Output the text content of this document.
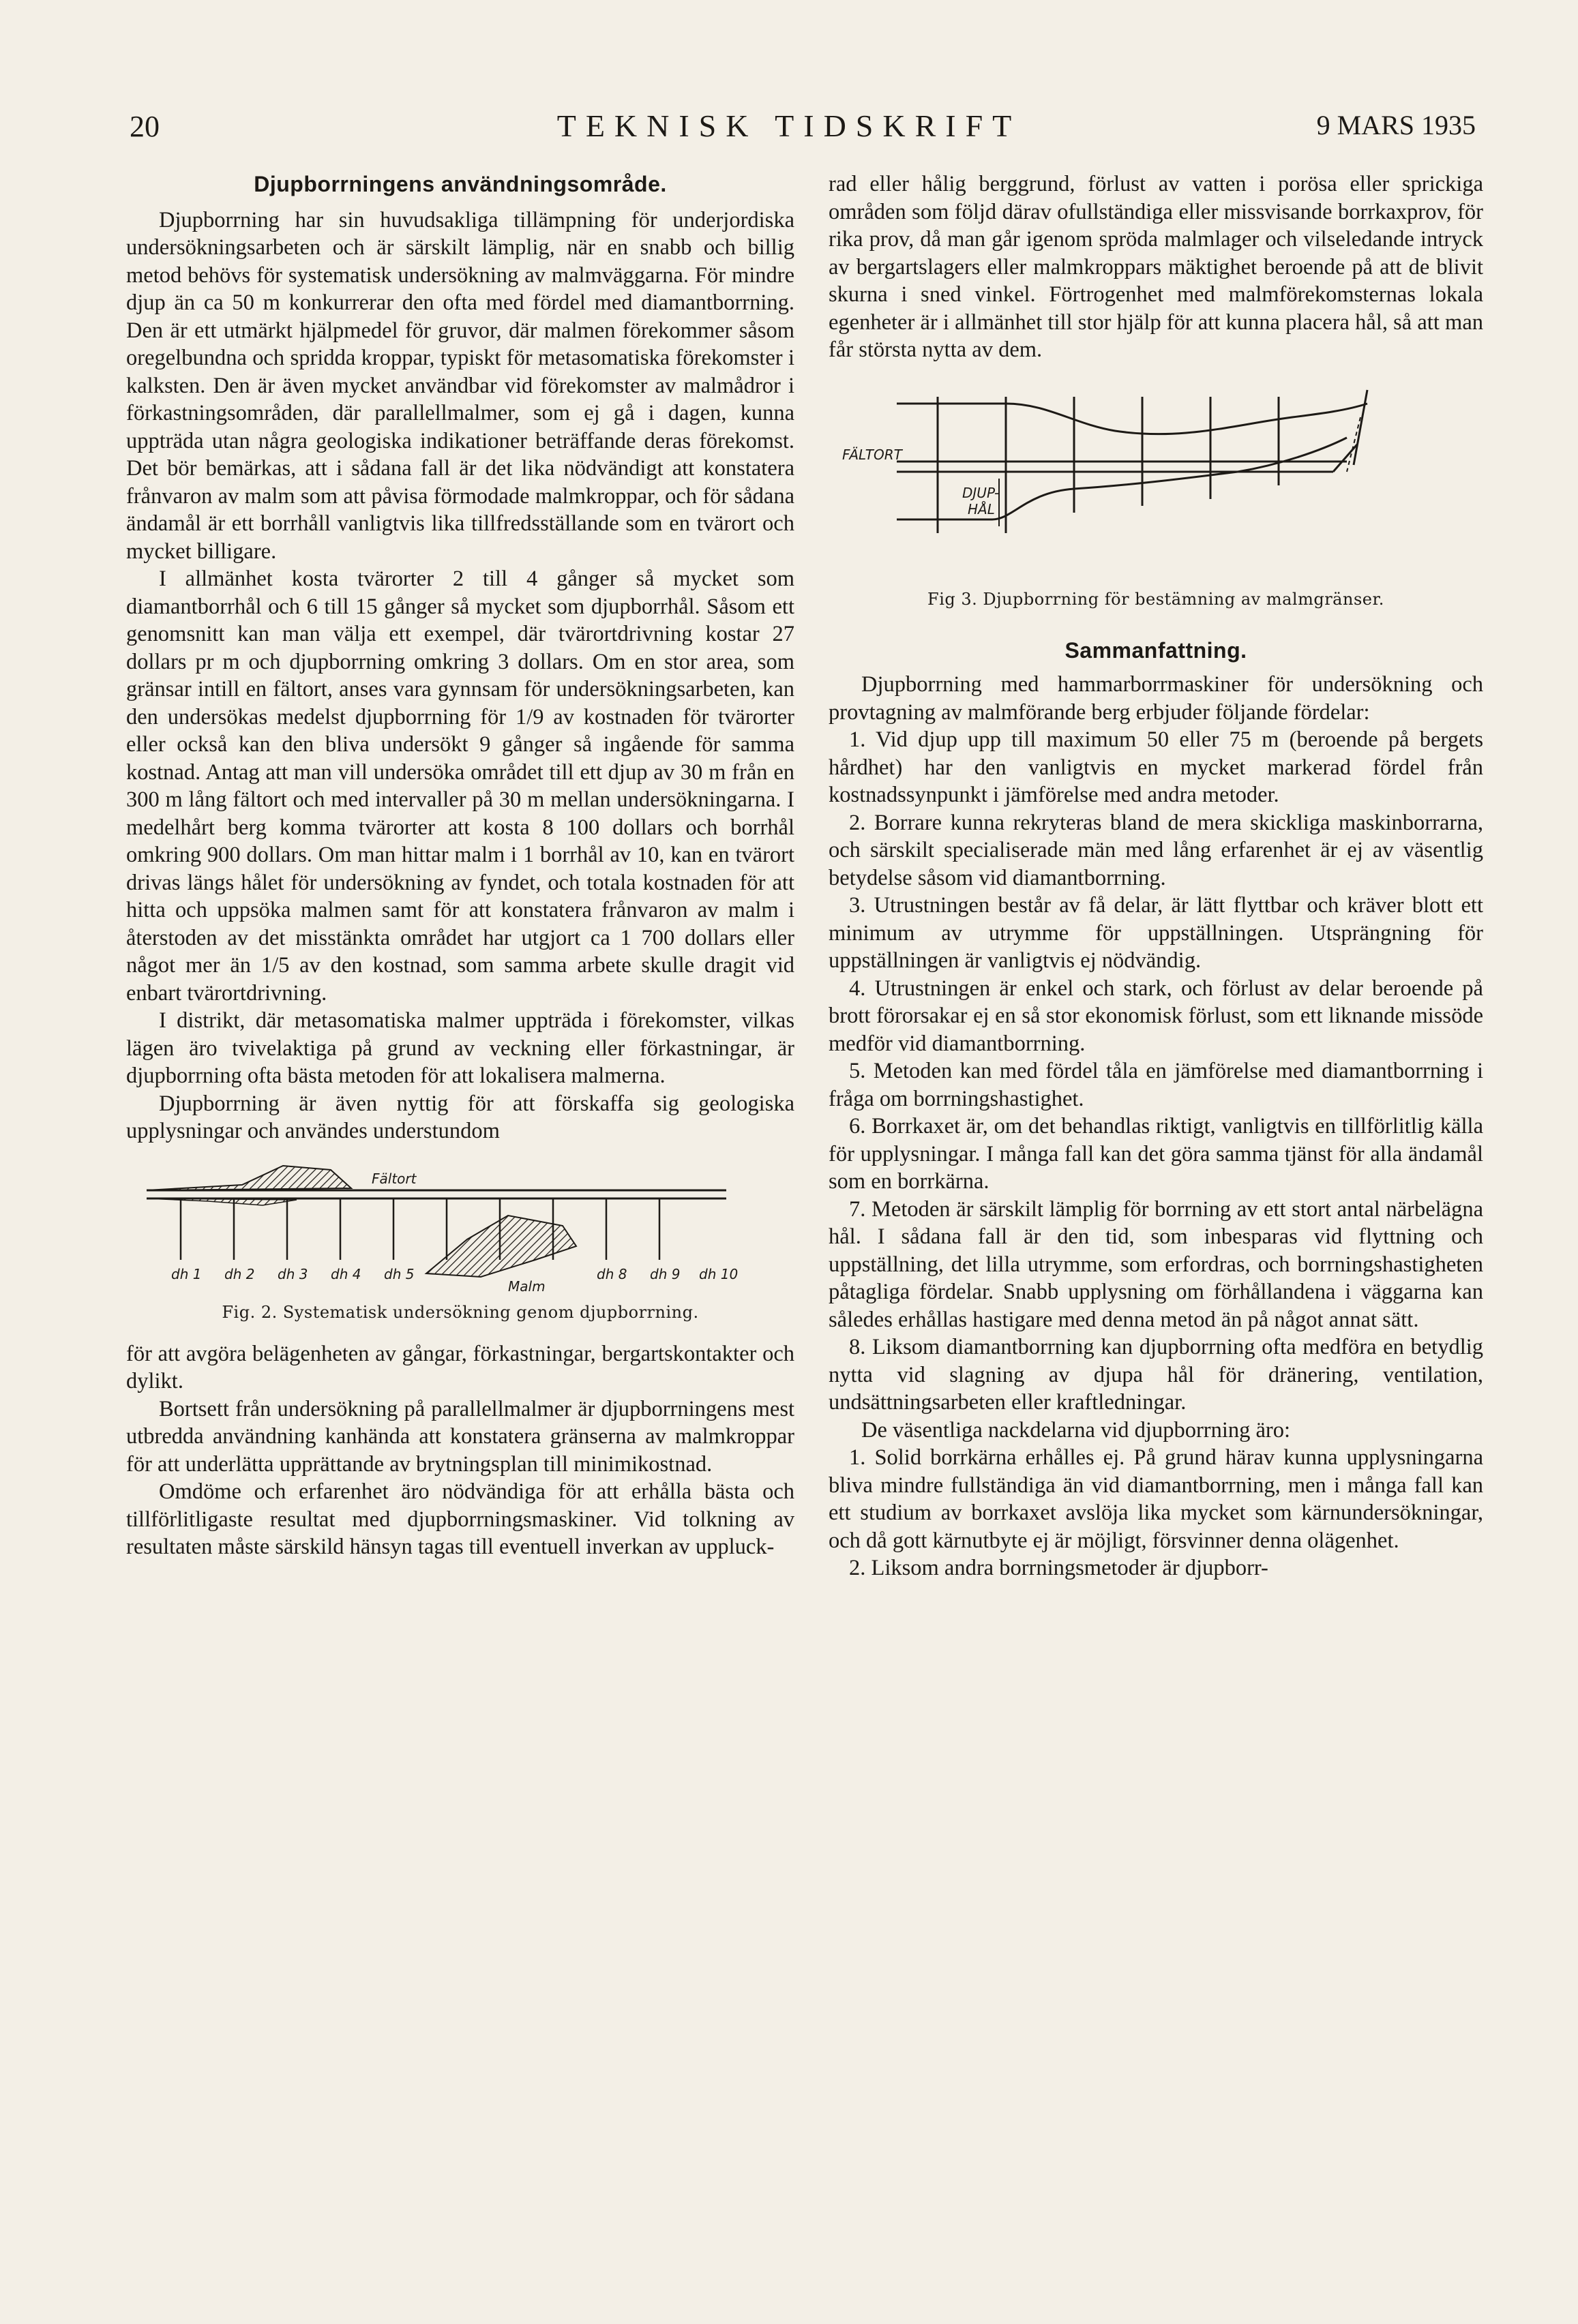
20	TEKNISK TIDSKRIFT	9 MARS 1935
Djupborrningens användningsområde.

Djupborrning har sin huvudsakliga tillämpning för underjordiska undersökningsarbeten och är särskilt lämplig, när en snabb och billig metod behövs för systematisk undersökning av malmväggarna. För mindre djup än ca 50 m konkurrerar den ofta med fördel med diamantborrning. Den är ett utmärkt hjälpmedel för gruvor, där malmen förekommer såsom oregelbundna och spridda kroppar, typiskt för metasomatiska förekomster i kalksten. Den är även mycket användbar vid förekomster av malmådror i förkastningsområden, där parallellmalmer, som ej gå i dagen, kunna uppträda utan några geologiska indikationer beträffande deras förekomst. Det bör bemärkas, att i sådana fall är det lika nödvändigt att konstatera frånvaron av malm som att påvisa förmodade malmkroppar, och för sådana ändamål är ett borrhåll vanligtvis lika tillfredsställande som en tvärort och mycket billigare.

I allmänhet kosta tvärorter 2 till 4 gånger så mycket som diamantborrhål och 6 till 15 gånger så mycket som djupborrhål. Såsom ett genomsnitt kan man välja ett exempel, där tvärortdrivning kostar 27 dollars pr m och djupborrning omkring 3 dollars. Om en stor area, som gränsar intill en fältort, anses vara gynnsam för undersökningsarbeten, kan den undersökas medelst djupborrning för 1/9 av kostnaden för tvärorter eller också kan den bliva undersökt 9 gånger så ingående för samma kostnad. Antag att man vill undersöka området till ett djup av 30 m från en 300 m lång fältort och med intervaller på 30 m mellan undersökningarna. I medelhårt berg komma tvärorter att kosta 8 100 dollars och borrhål omkring 900 dollars. Om man hittar malm i 1 borrhål av 10, kan en tvärort drivas längs hålet för undersökning av fyndet, och totala kostnaden för att hitta och uppsöka malmen samt för att konstatera frånvaron av malm i återstoden av det misstänkta området har utgjort ca 1 700 dollars eller något mer än 1/5 av den kostnad, som samma arbete skulle dragit vid enbart tvärortdrivning.

I distrikt, där metasomatiska malmer uppträda i förekomster, vilkas lägen äro tvivelaktiga på grund av veckning eller förkastningar, är djupborrning ofta bästa metoden för att lokalisera malmerna.

Djupborrning är även nyttig för att förskaffa sig geologiska upplysningar och användes understundom

Fältort
dh 1 dh 2 dh 3 dh 4 dh 5	dh 8 dh 9 dh 10
Malm
Fig. 2. Systematisk undersökning genom djupborrning.

för att avgöra belägenheten av gångar, förkastningar, bergartskontakter och dylikt.

Bortsett från undersökning på parallellmalmer är djupborrningens mest utbredda användning kanhända att konstatera gränserna av malmkroppar för att underlätta upprättande av brytningsplan till minimikostnad.

Omdöme och erfarenhet äro nödvändiga för att erhålla bästa och tillförlitligaste resultat med djupborrningsmaskiner. Vid tolkning av resultaten måste särskild hänsyn tagas till eventuell inverkan av uppluck-

rad eller hålig berggrund, förlust av vatten i porösa eller sprickiga områden som följd därav ofullständiga eller missvisande borrkaxprov, för rika prov, då man går igenom spröda malmlager och vilseledande intryck av bergartslagers eller malmkroppars mäktighet beroende på att de blivit skurna i sned vinkel. Förtrogenhet med malmförekomsternas lokala egenheter är i allmänhet till stor hjälp för att kunna placera hål, så att man får största nytta av dem.

FÄLTORT
DJUP-
HÅL
Fig 3. Djupborrning för bestämning av malmgränser.
Sammanfattning.

Djupborrning med hammarborrmaskiner för undersökning och provtagning av malmförande berg erbjuder följande fördelar:

1. Vid djup upp till maximum 50 eller 75 m (beroende på bergets hårdhet) har den vanligtvis en mycket markerad fördel från kostnadssynpunkt i jämförelse med andra metoder.

2. Borrare kunna rekryteras bland de mera skickliga maskinborrarna, och särskilt specialiserade män med lång erfarenhet är ej av väsentlig betydelse såsom vid diamantborrning.

3. Utrustningen består av få delar, är lätt flyttbar och kräver blott ett minimum av utrymme för uppställningen. Utsprängning för uppställningen är vanligtvis ej nödvändig.

4. Utrustningen är enkel och stark, och förlust av delar beroende på brott förorsakar ej en så stor ekonomisk förlust, som ett liknande missöde medför vid diamantborrning.

5. Metoden kan med fördel tåla en jämförelse med diamantborrning i fråga om borrningshastighet.

6. Borrkaxet är, om det behandlas riktigt, vanligtvis en tillförlitlig källa för upplysningar. I många fall kan det göra samma tjänst för alla ändamål som en borrkärna.

7. Metoden är särskilt lämplig för borrning av ett stort antal närbelägna hål. I sådana fall är den tid, som inbesparas vid flyttning och uppställning, det lilla utrymme, som erfordras, och borrningshastigheten påtagliga fördelar. Snabb upplysning om förhållandena i väggarna kan således erhållas hastigare med denna metod än på något annat sätt.

8. Liksom diamantborrning kan djupborrning ofta medföra en betydlig nytta vid slagning av djupa hål för dränering, ventilation, undsättningsarbeten eller kraftledningar.

De väsentliga nackdelarna vid djupborrning äro:

1. Solid borrkärna erhålles ej. På grund härav kunna upplysningarna bliva mindre fullständiga än vid diamantborrning, men i många fall kan ett studium av borrkaxet avslöja lika mycket som kärnundersökningar, och då gott kärnutbyte ej är möjligt, försvinner denna olägenhet.

2. Liksom andra borrningsmetoder är djupborr-
